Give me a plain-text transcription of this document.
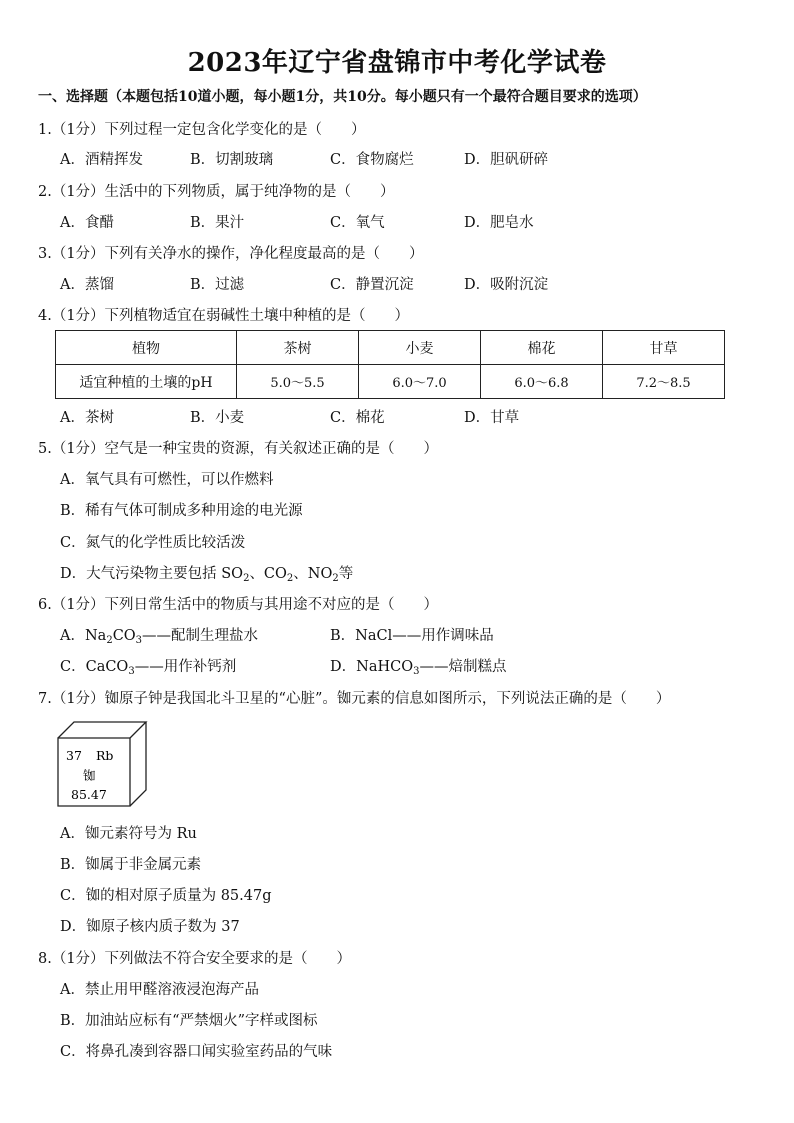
2023年辽宁省盘锦市中考化学试卷
一、选择题（本题包括10道小题，每小题1分，共10分。每小题只有一个最符合题目要求的选项）
1.（1分）下列过程一定包含化学变化的是（　　）
A．酒精挥发	B．切割玻璃	C．食物腐烂	D．胆矾研碎
2.（1分）生活中的下列物质，属于纯净物的是（　　）
A．食醋	B．果汁	C．氧气	D．肥皂水
3.（1分）下列有关净水的操作，净化程度最高的是（　　）
A．蒸馏	B．过滤	C．静置沉淀	D．吸附沉淀
4.（1分）下列植物适宜在弱碱性土壤中种植的是（　　）
植物	茶树	小麦	棉花	甘草
适宜种植的土壤的pH	5.0～5.5	6.0～7.0	6.0～6.8	7.2～8.5
A．茶树	B．小麦	C．棉花	D．甘草
5.（1分）空气是一种宝贵的资源，有关叙述正确的是（　　）
A．氧气具有可燃性，可以作燃料
B．稀有气体可制成多种用途的电光源
C．氮气的化学性质比较活泼
D．大气污染物主要包括 $SO_2$、$CO_2$、$NO_2$等
6.（1分）下列日常生活中的物质与其用途不对应的是（　　）
A．$Na_2CO_3——$配制生理盐水	B．NaCl——用作调味品
C．CaCO$_3$——用作补钙剂	D．NaHCO$_3$——焙制糕点
7.（1分）铷原子钟是我国北斗卫星的“心脏”。铷元素的信息如图所示，下列说法正确的是（　　）
37 Rb
铷
85.47
A．铷元素符号为 Ru
B．铷属于非金属元素
C．铷的相对原子质量为 85.47g
D．铷原子核内质子数为 37
8.（1分）下列做法不符合安全要求的是（　　）
A．禁止用甲醛溶液浸泡海产品
B．加油站应标有“严禁烟火”字样或图标
C．将鼻孔凑到容器口闻实验室药品的气味
